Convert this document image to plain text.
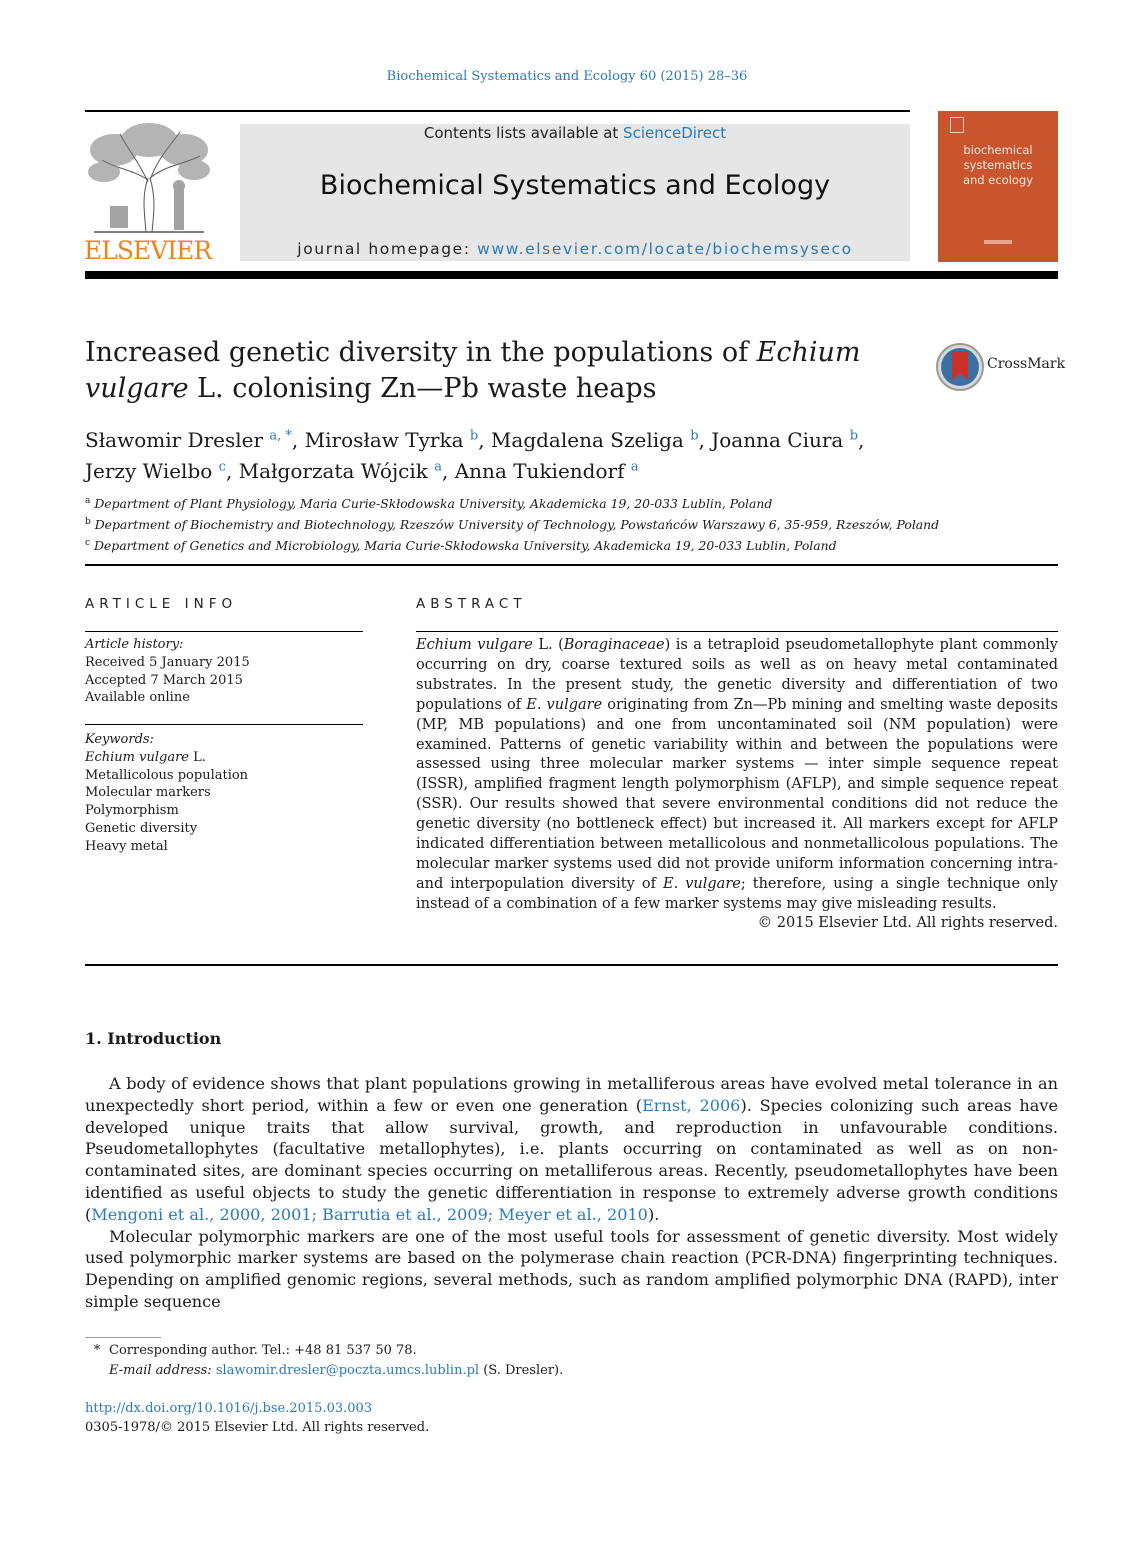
Biochemical Systematics and Ecology 60 (2015) 28–36
ELSEVIER
Contents lists available at ScienceDirect
Biochemical Systematics and Ecology
journal homepage: www.elsevier.com/locate/biochemsyseco
biochemical
systematics
and ecology
Increased genetic diversity in the populations of Echium vulgare L. colonising Zn—Pb waste heaps
CrossMark
Sławomir Dresler $^{a, *}$, Mirosław Tyrka $^b$, Magdalena Szeliga $^b$, Joanna Ciura $^b$,
Jerzy Wielbo $^c$, Małgorzata Wójcik $^a$, Anna Tukiendorf $^a$
$^a$ Department of Plant Physiology, Maria Curie-Skłodowska University, Akademicka 19, 20-033 Lublin, Poland
$^b$ Department of Biochemistry and Biotechnology, Rzeszów University of Technology, Powstańców Warszawy 6, 35-959, Rzeszów, Poland
$^c$ Department of Genetics and Microbiology, Maria Curie-Skłodowska University, Akademicka 19, 20-033 Lublin, Poland
ARTICLE INFO
Article history:
Received 5 January 2015
Accepted 7 March 2015
Available online
Keywords:
Echium vulgare L.
Metallicolous population
Molecular markers
Polymorphism
Genetic diversity
Heavy metal
ABSTRACT
Echium vulgare L. (Boraginaceae) is a tetraploid pseudometallophyte plant commonly occurring on dry, coarse textured soils as well as on heavy metal contaminated substrates. In the present study, the genetic diversity and differentiation of two populations of E. vulgare originating from Zn—Pb mining and smelting waste deposits (MP, MB populations) and one from uncontaminated soil (NM population) were examined. Patterns of genetic variability within and between the populations were assessed using three molecular marker systems — inter simple sequence repeat (ISSR), amplified fragment length polymorphism (AFLP), and simple sequence repeat (SSR). Our results showed that severe environmental conditions did not reduce the genetic diversity (no bottleneck effect) but increased it. All markers except for AFLP indicated differentiation between metallicolous and nonmetallicolous populations. The molecular marker systems used did not provide uniform information concerning intra- and interpopulation diversity of E. vulgare; therefore, using a single technique only instead of a combination of a few marker systems may give misleading results.
© 2015 Elsevier Ltd. All rights reserved.
1. Introduction

A body of evidence shows that plant populations growing in metalliferous areas have evolved metal tolerance in an unexpectedly short period, within a few or even one generation (Ernst, 2006). Species colonizing such areas have developed unique traits that allow survival, growth, and reproduction in unfavourable conditions. Pseudometallophytes (facultative metallophytes), i.e. plants occurring on contaminated as well as on non-contaminated sites, are dominant species occurring on metalliferous areas. Recently, pseudometallophytes have been identified as useful objects to study the genetic differentiation in response to extremely adverse growth conditions (Mengoni et al., 2000, 2001; Barrutia et al., 2009; Meyer et al., 2010).

Molecular polymorphic markers are one of the most useful tools for assessment of genetic diversity. Most widely used polymorphic marker systems are based on the polymerase chain reaction (PCR-DNA) fingerprinting techniques. Depending on amplified genomic regions, several methods, such as random amplified polymorphic DNA (RAPD), inter simple sequence

* Corresponding author. Tel.: +48 81 537 50 78.
E-mail address: slawomir.dresler@poczta.umcs.lublin.pl (S. Dresler).
http://dx.doi.org/10.1016/j.bse.2015.03.003
0305-1978/© 2015 Elsevier Ltd. All rights reserved.
